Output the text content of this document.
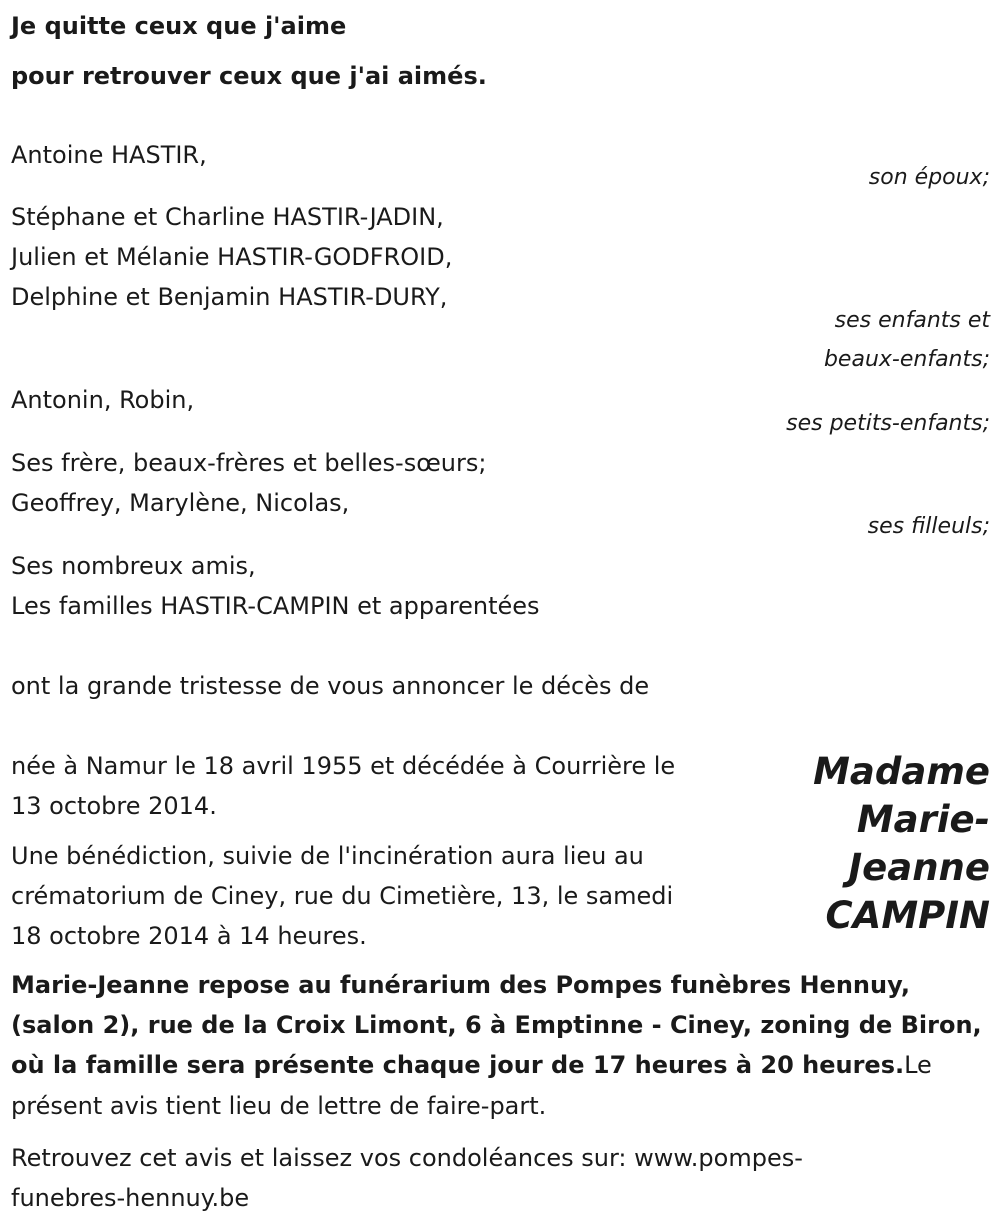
Je quitte ceux que j'aime
pour retrouver ceux que j'ai aimés.
Antoine HASTIR,
son époux;
Stéphane et Charline HASTIR-JADIN,
Julien et Mélanie HASTIR-GODFROID,
Delphine et Benjamin HASTIR-DURY,
ses enfants et
beaux-enfants;
Antonin, Robin,
ses petits-enfants;
Ses frère, beaux-frères et belles-sœurs;
Geoffrey, Marylène, Nicolas,
ses filleuls;
Ses nombreux amis,
Les familles HASTIR-CAMPIN et apparentées
ont la grande tristesse de vous annoncer le décès de
Madame
Marie-
Jeanne
CAMPIN
née à Namur le 18 avril 1955 et décédée à Courrière le
13 octobre 2014.
Une bénédiction, suivie de l'incinération aura lieu au
crématorium de Ciney, rue du Cimetière, 13, le samedi
18 octobre 2014 à 14 heures.
Marie-Jeanne repose au funérarium des Pompes funèbres Hennuy,
(salon 2), rue de la Croix Limont, 6 à Emptinne - Ciney, zoning de Biron,
où la famille sera présente chaque jour de 17 heures à 20 heures.Le
présent avis tient lieu de lettre de faire-part.
Retrouvez cet avis et laissez vos condoléances sur: www.pompes-
funebres-hennuy.be
